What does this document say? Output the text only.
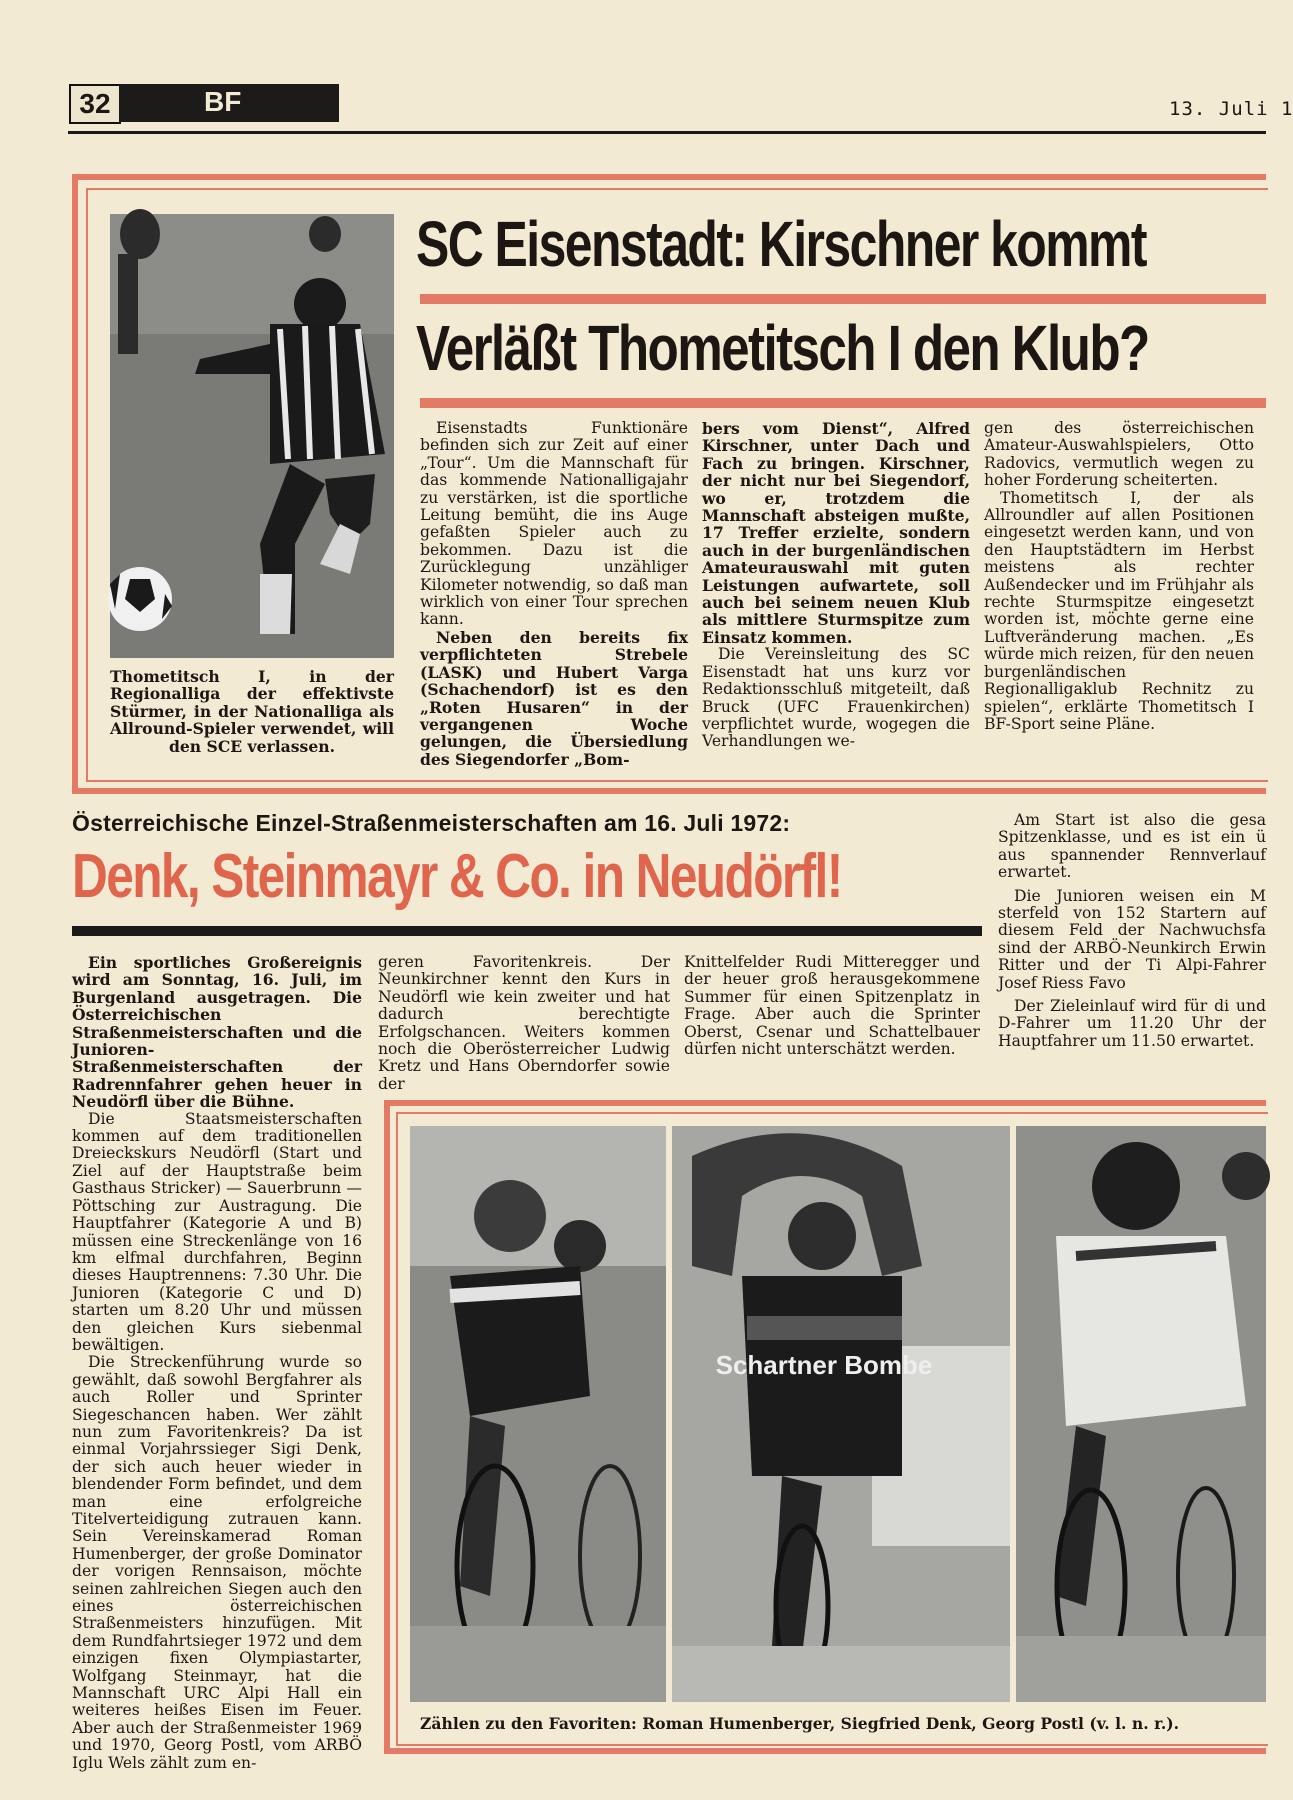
32	BF	13. Juli 1
Thometitsch I, in der Regionalliga der effektivste Stürmer, in der Nationalliga als Allround-Spieler verwendet, will den SCE verlassen.
SC Eisenstadt: Kirschner kommt
Verläßt Thometitsch I den Klub?

Eisenstadts Funktionäre befinden sich zur Zeit auf einer „Tour“. Um die Mannschaft für das kommende Nationalligajahr zu verstärken, ist die sportliche Leitung bemüht, die ins Auge gefaßten Spieler auch zu bekommen. Dazu ist die Zurücklegung unzähliger Kilometer notwendig, so daß man wirklich von einer Tour sprechen kann.

Neben den bereits fix verpflichteten Strebele (LASK) und Hubert Varga (Schachendorf) ist es den „Roten Husaren“ in der vergangenen Woche gelungen, die Übersiedlung des Siegendorfer „Bom-

bers vom Dienst“, Alfred Kirschner, unter Dach und Fach zu bringen. Kirschner, der nicht nur bei Siegendorf, wo er, trotzdem die Mannschaft absteigen mußte, 17 Treffer erzielte, sondern auch in der burgenländischen Amateurauswahl mit guten Leistungen aufwartete, soll auch bei seinem neuen Klub als mittlere Sturmspitze zum Einsatz kommen.

Die Vereinsleitung des SC Eisenstadt hat uns kurz vor Redaktionsschluß mitgeteilt, daß Bruck (UFC Frauenkirchen) verpflichtet wurde, wogegen die Verhandlungen we-

gen des österreichischen Amateur-Auswahlspielers, Otto Radovics, vermutlich wegen zu hoher Forderung scheiterten.

Thometitsch I, der als Allroundler auf allen Positionen eingesetzt werden kann, und von den Hauptstädtern im Herbst meistens als rechter Außendecker und im Frühjahr als rechte Sturmspitze eingesetzt worden ist, möchte gerne eine Luftveränderung machen. „Es würde mich reizen, für den neuen burgenländischen Regionalligaklub Rechnitz zu spielen“, erklärte Thometitsch I BF-Sport seine Pläne.

Österreichische Einzel-Straßenmeisterschaften am 16. Juli 1972:
Denk, Steinmayr & Co. in Neudörfl!

Ein sportliches Großereignis wird am Sonntag, 16. Juli, im Burgenland ausgetragen. Die Österreichischen Straßenmeisterschaften und die Junioren-Straßenmeisterschaften der Radrennfahrer gehen heuer in Neudörfl über die Bühne.

Die Staatsmeisterschaften kommen auf dem traditionellen Dreieckskurs Neudörfl (Start und Ziel auf der Hauptstraße beim Gasthaus Stricker) — Sauerbrunn — Pöttsching zur Austragung. Die Hauptfahrer (Kategorie A und B) müssen eine Streckenlänge von 16 km elfmal durchfahren, Beginn dieses Hauptrennens: 7.30 Uhr. Die Junioren (Kategorie C und D) starten um 8.20 Uhr und müssen den gleichen Kurs siebenmal bewältigen.

Die Streckenführung wurde so gewählt, daß sowohl Bergfahrer als auch Roller und Sprinter Siegeschancen haben. Wer zählt nun zum Favoritenkreis? Da ist einmal Vorjahrssieger Sigi Denk, der sich auch heuer wieder in blendender Form befindet, und dem man eine erfolgreiche Titelverteidigung zutrauen kann. Sein Vereinskamerad Roman Humenberger, der große Dominator der vorigen Rennsaison, möchte seinen zahlreichen Siegen auch den eines österreichischen Straßenmeisters hinzufügen. Mit dem Rundfahrtsieger 1972 und dem einzigen fixen Olympiastarter, Wolfgang Steinmayr, hat die Mannschaft URC Alpi Hall ein weiteres heißes Eisen im Feuer. Aber auch der Straßenmeister 1969 und 1970, Georg Postl, vom ARBÖ Iglu Wels zählt zum en-

geren Favoritenkreis. Der Neunkirchner kennt den Kurs in Neudörfl wie kein zweiter und hat dadurch berechtigte Erfolgschancen. Weiters kommen noch die Oberösterreicher Ludwig Kretz und Hans Oberndorfer sowie der

Knittelfelder Rudi Mitteregger und der heuer groß herausgekommene Summer für einen Spitzenplatz in Frage. Aber auch die Sprinter Oberst, Csenar und Schattelbauer dürfen nicht unterschätzt werden.

Am Start ist also die gesa Spitzenklasse, und es ist ein ü aus spannender Rennverlauf erwartet.

Die Junioren weisen ein M sterfeld von 152 Startern auf diesem Feld der Nachwuchsfa sind der ARBÖ-Neunkirch Erwin Ritter und der Ti Alpi-Fahrer Josef Riess Favo

Der Zieleinlauf wird für di und D-Fahrer um 11.20 Uhr der Hauptfahrer um 11.50 erwartet.

Schartner Bombe
Zählen zu den Favoriten: Roman Humenberger, Siegfried Denk, Georg Postl (v. l. n. r.).
